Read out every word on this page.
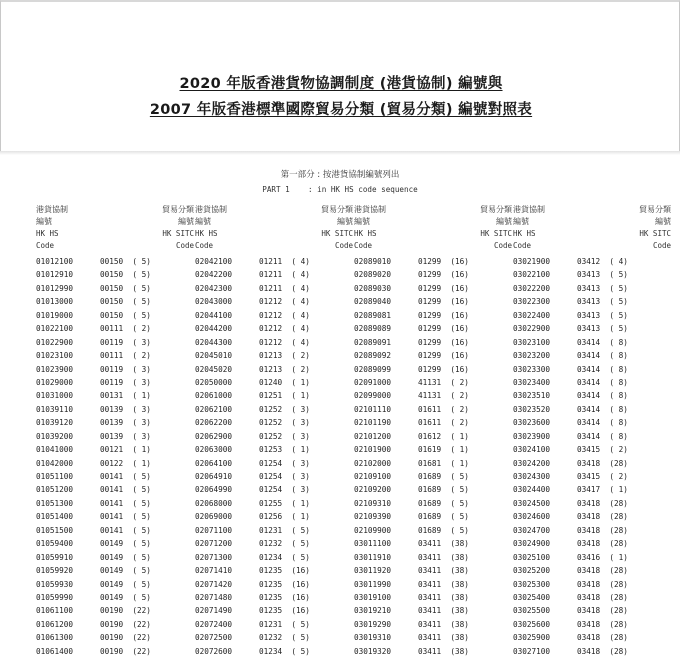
2020 年版香港貨物協調制度 (港貨協制) 編號與
2007 年版香港標準國際貿易分類 (貿易分類) 編號對照表
第一部分 : 按港貨協制編號列出
PART 1    : in HK HS code sequence
港貨協制
編號
HK HS
Code
貿易分類
編號
HK SITC
Code
01012100	00150  ( 5)
01012910	00150  ( 5)
01012990	00150  ( 5)
01013000	00150  ( 5)
01019000	00150  ( 5)
01022100	00111  ( 2)
01022900	00119  ( 3)
01023100	00111  ( 2)
01023900	00119  ( 3)
01029000	00119  ( 3)
01031000	00131  ( 1)
01039110	00139  ( 3)
01039120	00139  ( 3)
01039200	00139  ( 3)
01041000	00121  ( 1)
01042000	00122  ( 1)
01051100	00141  ( 5)
01051200	00141  ( 5)
01051300	00141  ( 5)
01051400	00141  ( 5)
01051500	00141  ( 5)
01059400	00149  ( 5)
01059910	00149  ( 5)
01059920	00149  ( 5)
01059930	00149  ( 5)
01059990	00149  ( 5)
01061100	00190  (22)
01061200	00190  (22)
01061300	00190  (22)
01061400	00190  (22)
港貨協制
編號
HK HS
Code
貿易分類
編號
HK SITC
Code
02042100	01211  ( 4)
02042200	01211  ( 4)
02042300	01211  ( 4)
02043000	01212  ( 4)
02044100	01212  ( 4)
02044200	01212  ( 4)
02044300	01212  ( 4)
02045010	01213  ( 2)
02045020	01213  ( 2)
02050000	01240  ( 1)
02061000	01251  ( 1)
02062100	01252  ( 3)
02062200	01252  ( 3)
02062900	01252  ( 3)
02063000	01253  ( 1)
02064100	01254  ( 3)
02064910	01254  ( 3)
02064990	01254  ( 3)
02068000	01255  ( 1)
02069000	01256  ( 1)
02071100	01231  ( 5)
02071200	01232  ( 5)
02071300	01234  ( 5)
02071410	01235  (16)
02071420	01235  (16)
02071480	01235  (16)
02071490	01235  (16)
02072400	01231  ( 5)
02072500	01232  ( 5)
02072600	01234  ( 5)
港貨協制
編號
HK HS
Code
貿易分類
編號
HK SITC
Code
02089010	01299  (16)
02089020	01299  (16)
02089030	01299  (16)
02089040	01299  (16)
02089081	01299  (16)
02089089	01299  (16)
02089091	01299  (16)
02089092	01299  (16)
02089099	01299  (16)
02091000	41131  ( 2)
02099000	41131  ( 2)
02101110	01611  ( 2)
02101190	01611  ( 2)
02101200	01612  ( 1)
02101900	01619  ( 1)
02102000	01681  ( 1)
02109100	01689  ( 5)
02109200	01689  ( 5)
02109310	01689  ( 5)
02109390	01689  ( 5)
02109900	01689  ( 5)
03011100	03411  (38)
03011910	03411  (38)
03011920	03411  (38)
03011990	03411  (38)
03019100	03411  (38)
03019210	03411  (38)
03019290	03411  (38)
03019310	03411  (38)
03019320	03411  (38)
港貨協制
編號
HK HS
Code
貿易分類
編號
HK SITC
Code
03021900	03412  ( 4)
03022100	03413  ( 5)
03022200	03413  ( 5)
03022300	03413  ( 5)
03022400	03413  ( 5)
03022900	03413  ( 5)
03023100	03414  ( 8)
03023200	03414  ( 8)
03023300	03414  ( 8)
03023400	03414  ( 8)
03023510	03414  ( 8)
03023520	03414  ( 8)
03023600	03414  ( 8)
03023900	03414  ( 8)
03024100	03415  ( 2)
03024200	03418  (28)
03024300	03415  ( 2)
03024400	03417  ( 1)
03024500	03418  (28)
03024600	03418  (28)
03024700	03418  (28)
03024900	03418  (28)
03025100	03416  ( 1)
03025200	03418  (28)
03025300	03418  (28)
03025400	03418  (28)
03025500	03418  (28)
03025600	03418  (28)
03025900	03418  (28)
03027100	03418  (28)
